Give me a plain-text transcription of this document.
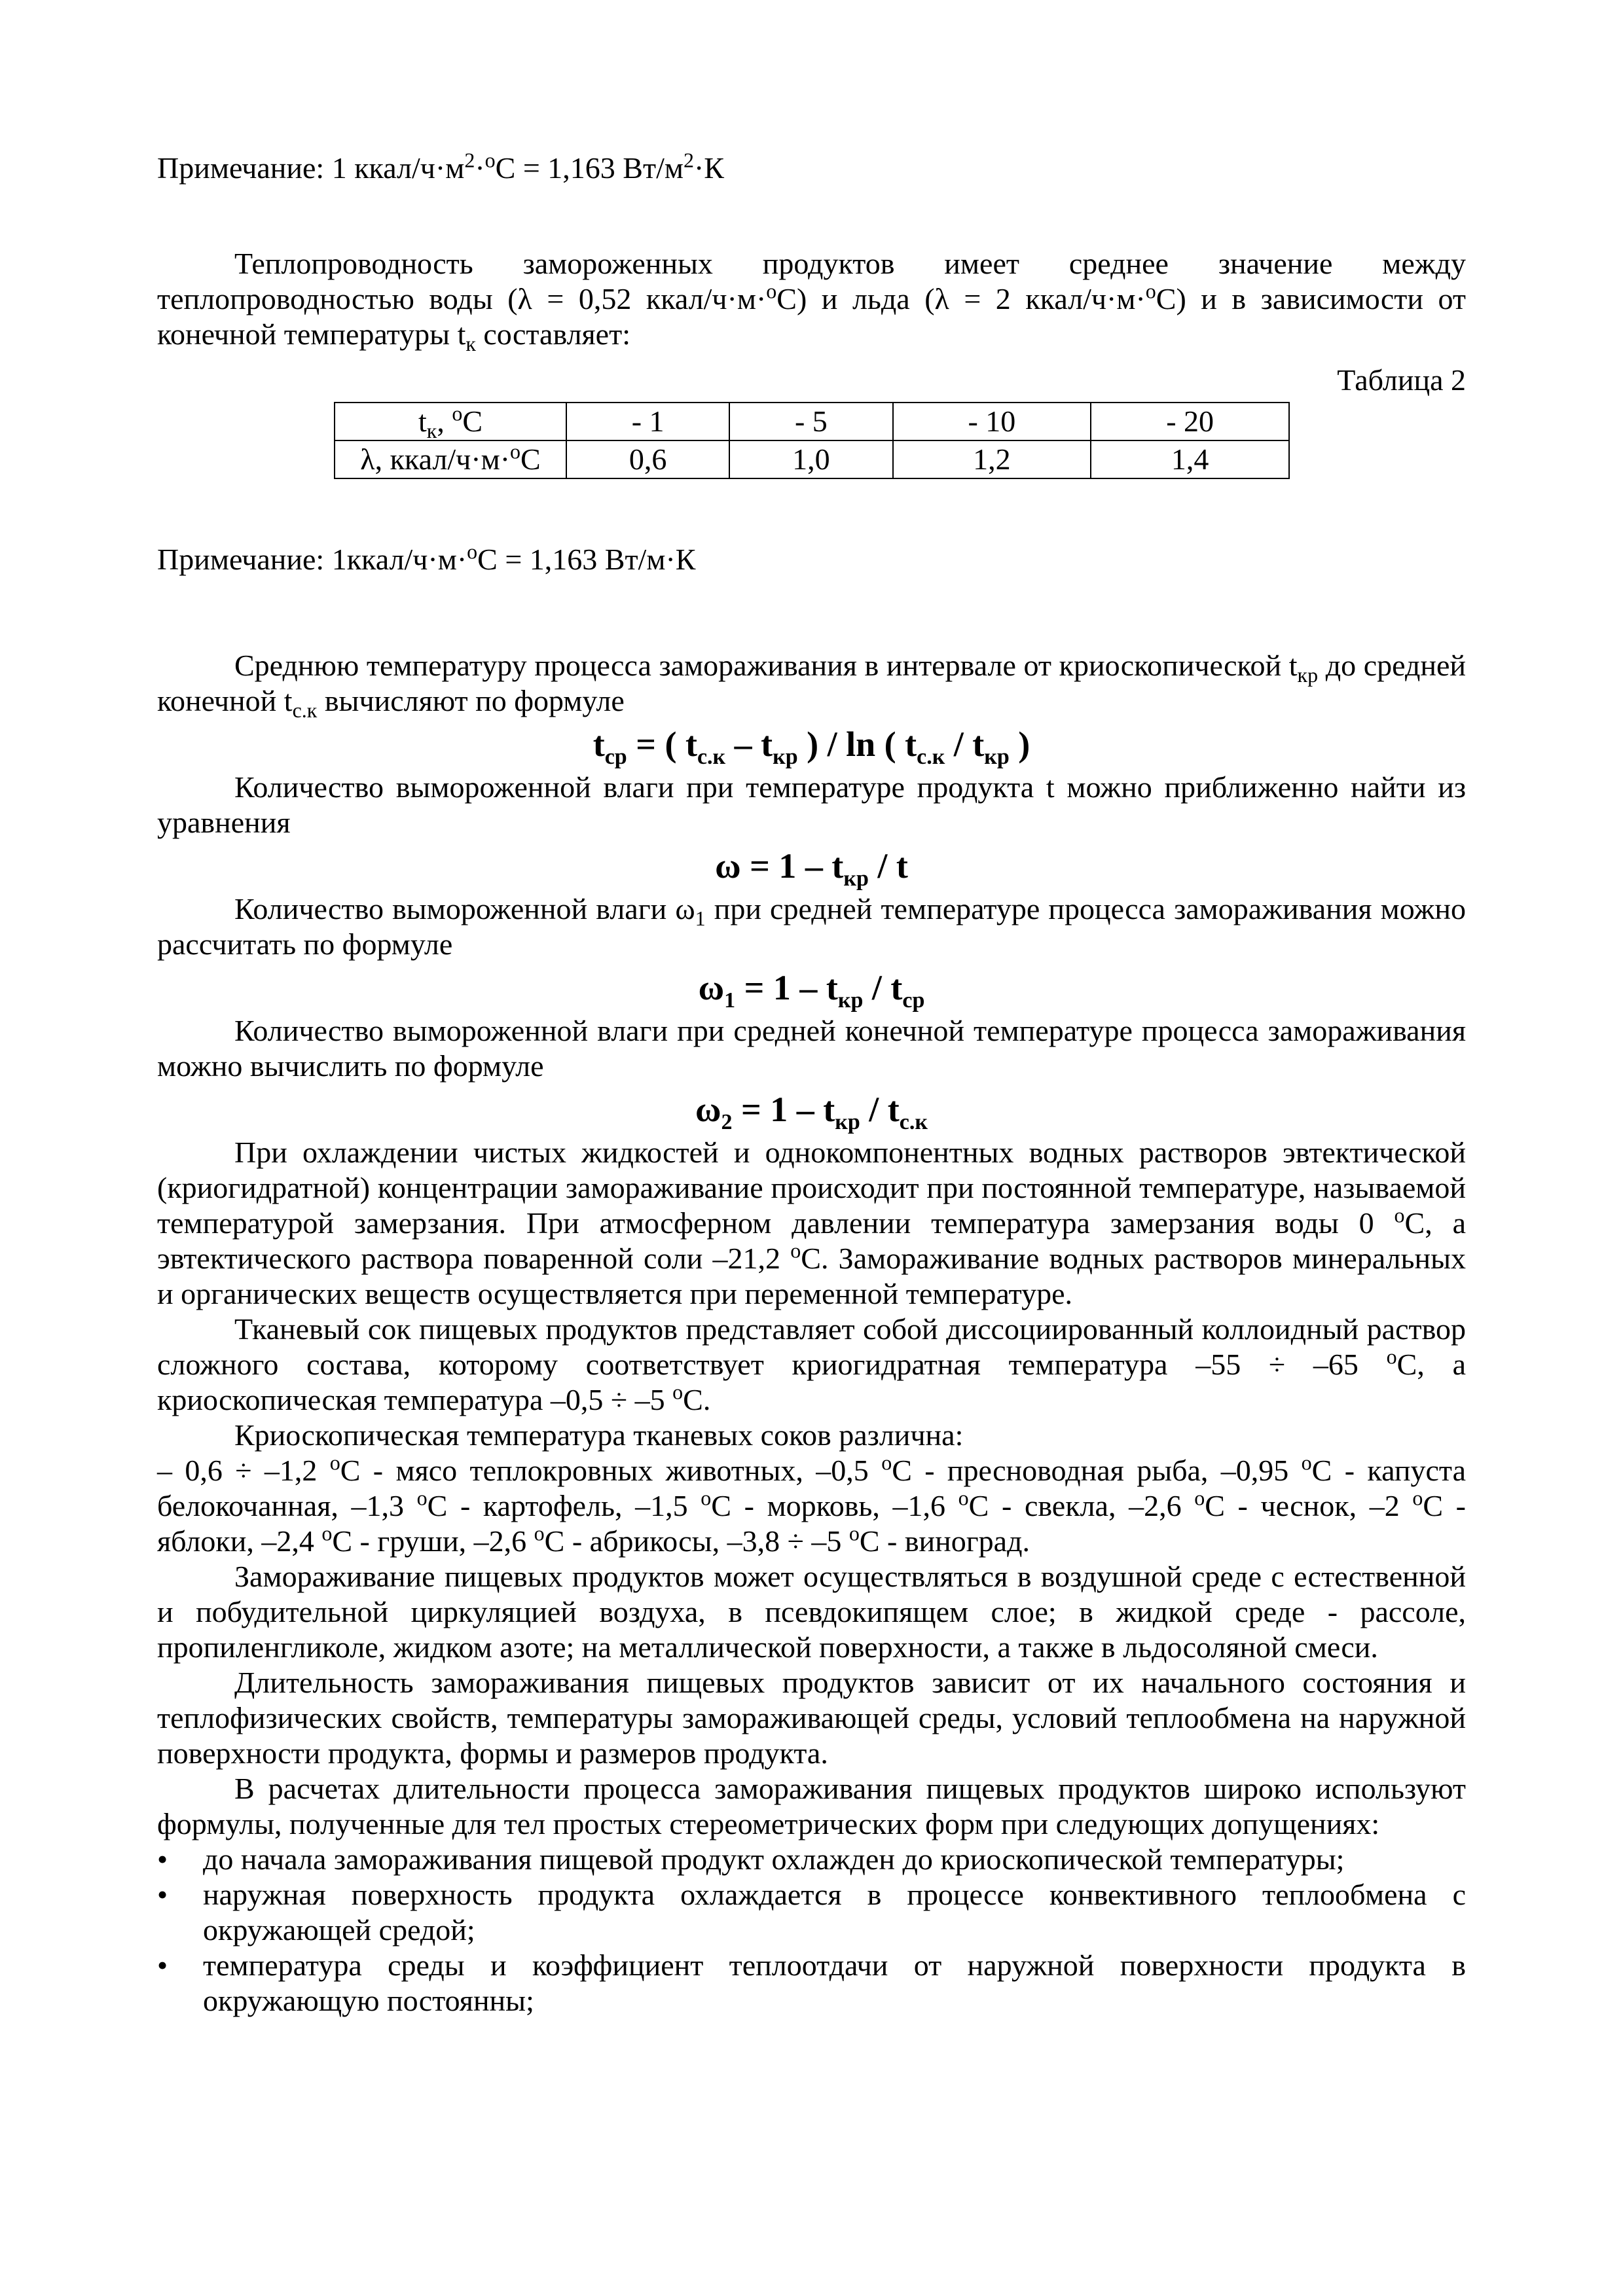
Примечание: 1 ккал/$ч\cdot м^2\cdot^оС = 1,163$ $Вт/м^2\cdot К$

Теплопроводность замороженных продуктов имеет среднее значение между теплопроводностью воды (λ = 0,52 ккал/ч·м·$^о$С) и льда (λ = 2 ккал/ч·м·$^о$С) и в зависимости от конечной температуры $t_к$ составляет:

Таблица 2
$t_к$, $^о$С	- 1	- 5	- 10	- 20
λ, ккал/ч·м·$^о$С	0,6	1,0	1,2	1,4

Примечание: 1ккал/ч·м·$^о$С = 1,163 Вт/м·К

Среднюю температуру процесса замораживания в интервале от криоскопической $t_{кр}$ до средней конечной $t_{с.к}$ вычисляют по формуле

$t_{ср}$ = ( $t_{с.к} - t_{кр}$ ) / ln ( $t_{с.к} / t_{кр}$ )

Количество вымороженной влаги при температуре продукта t можно приближенно найти из уравнения

$\omega = 1 - t_{кр} / t$

Количество вымороженной влаги $\omega_1$ при средней температуре процесса замораживания можно рассчитать по формуле

$\omega_1 = 1 - t_{кр} / t_{ср}$

Количество вымороженной влаги при средней конечной температуре процесса замораживания можно вычислить по формуле

$\omega_2 = 1 - t_{кр} / t_{с.к}$

При охлаждении чистых жидкостей и однокомпонентных водных растворов эвтектической (криогидратной) концентрации замораживание происходит при постоянной температуре, называемой температурой замерзания. При атмосферном давлении температура замерзания воды 0 $^о$С, а эвтектического раствора поваренной соли –21,2 $^о$С. Замораживание водных растворов минеральных и органических веществ осуществляется при переменной температуре.

Тканевый сок пищевых продуктов представляет собой диссоциированный коллоидный раствор сложного состава, которому соответствует криогидратная температура –55 ÷ –65 $^о$С, а криоскопическая температура –0,5 ÷ –5 $^о$С.

Криоскопическая температура тканевых соков различна:

– 0,6 ÷ –1,2 $^о$С - мясо теплокровных животных, –0,5 $^о$С - пресноводная рыба, –0,95 $^о$С - капуста белокочанная, –1,3 $^о$С - картофель, –1,5 $^о$С - морковь, –1,6 $^о$С - свекла, –2,6 $^о$С - чеснок, –2 $^о$С - яблоки, –2,4 $^о$С - груши, –2,6 $^о$С - абрикосы, –3,8 ÷ –5 $^о$С - виноград.

Замораживание пищевых продуктов может осуществляться в воздушной среде с естественной и побудительной циркуляцией воздуха, в псевдокипящем слое; в жидкой среде - рассоле, пропиленгликоле, жидком азоте; на металлической поверхности, а также в льдосоляной смеси.

Длительность замораживания пищевых продуктов зависит от их начального состояния и теплофизических свойств, температуры замораживающей среды, условий теплообмена на наружной поверхности продукта, формы и размеров продукта.

В расчетах длительности процесса замораживания пищевых продуктов широко используют формулы, полученные для тел простых стереометрических форм при следующих допущениях:

• до начала замораживания пищевой продукт охлажден до криоскопической температуры;
• наружная поверхность продукта охлаждается в процессе конвективного теплообмена с окружающей средой;
• температура среды и коэффициент теплоотдачи от наружной поверхности продукта в окружающую постоянны;
